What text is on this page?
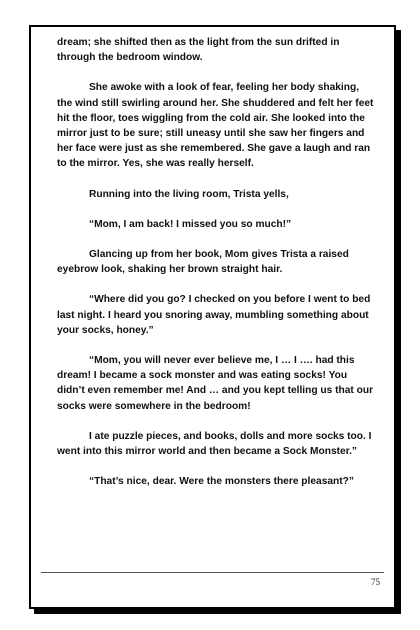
dream; she shifted then as the light from the sun drifted in through the bedroom window.

She awoke with a look of fear, feeling her body shaking, the wind still swirling around her. She shuddered and felt her feet hit the floor, toes wiggling from the cold air. She looked into the mirror just to be sure; still uneasy until she saw her fingers and her face were just as she remembered. She gave a laugh and ran to the mirror. Yes, she was really herself.

Running into the living room, Trista yells,

“Mom, I am back! I missed you so much!”

Glancing up from her book, Mom gives Trista a raised eyebrow look, shaking her brown straight hair.

“Where did you go? I checked on you before I went to bed last night. I heard you snoring away, mumbling something about your socks, honey.”

“Mom, you will never ever believe me, I … I …. had this dream! I became a sock monster and was eating socks! You didn’t even remember me! And … and you kept telling us that our socks were somewhere in the bedroom!

I ate puzzle pieces, and books, dolls and more socks too. I went into this mirror world and then became a Sock Monster.”

“That’s nice, dear. Were the monsters there pleasant?”

75
